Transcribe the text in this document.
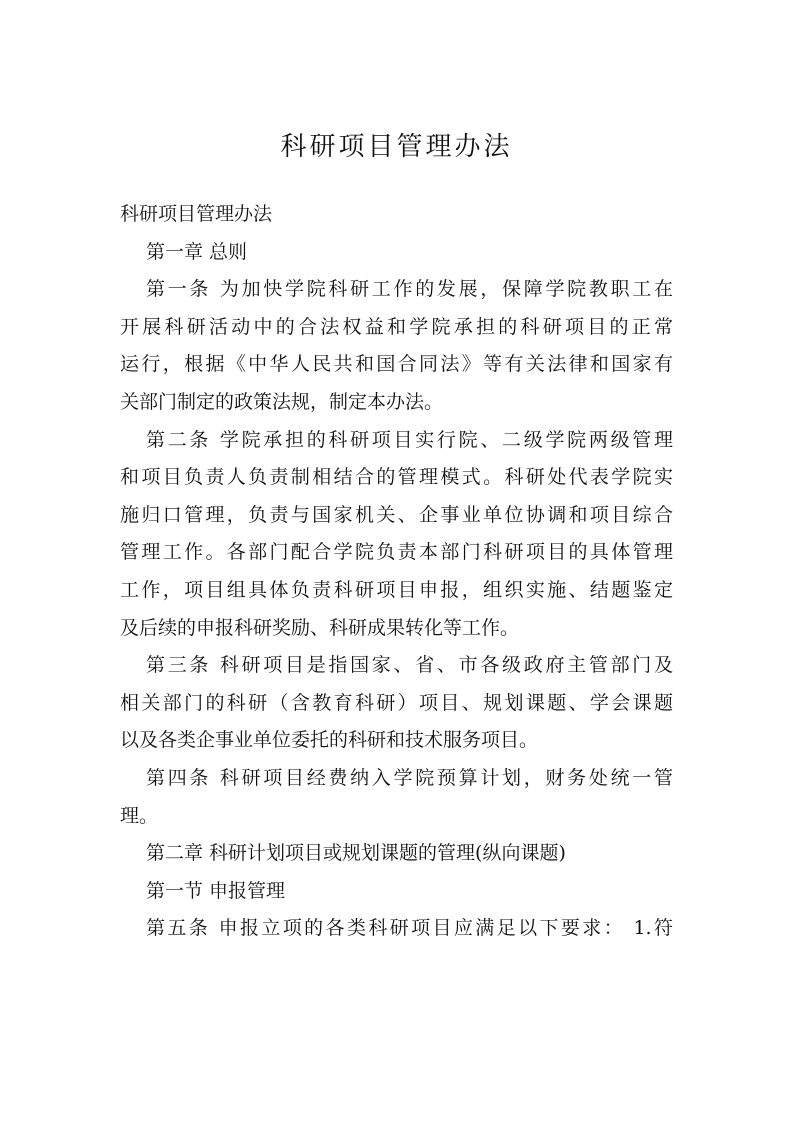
科研项目管理办法
科研项目管理办法
第一章 总则
第一条 为加快学院科研工作的发展，保障学院教职工在
开展科研活动中的合法权益和学院承担的科研项目的正常
运行，根据《中华人民共和国合同法》等有关法律和国家有
关部门制定的政策法规，制定本办法。
第二条 学院承担的科研项目实行院、二级学院两级管理
和项目负责人负责制相结合的管理模式。科研处代表学院实
施归口管理，负责与国家机关、企事业单位协调和项目综合
管理工作。各部门配合学院负责本部门科研项目的具体管理
工作，项目组具体负责科研项目申报，组织实施、结题鉴定
及后续的申报科研奖励、科研成果转化等工作。
第三条 科研项目是指国家、省、市各级政府主管部门及
相关部门的科研（含教育科研）项目、规划课题、学会课题
以及各类企事业单位委托的科研和技术服务项目。
第四条 科研项目经费纳入学院预算计划，财务处统一管
理。
第二章 科研计划项目或规划课题的管理(纵向课题)
第一节 申报管理
第五条 申报立项的各类科研项目应满足以下要求： 1.符
